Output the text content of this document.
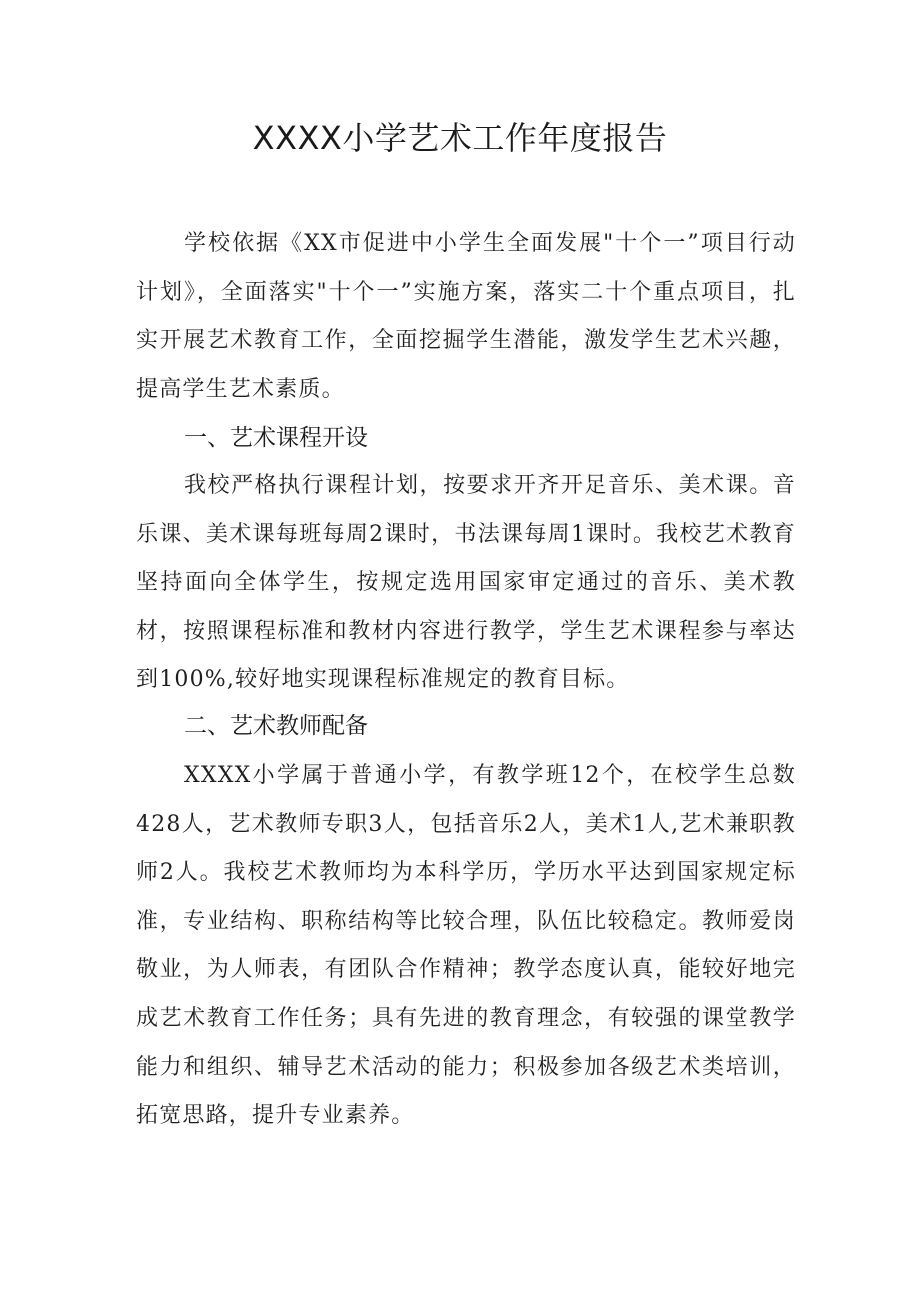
XXXX小学艺术工作年度报告

学校依据《XX市促进中小学生全面发展"十个一”项目行动计划》，全面落实"十个一”实施方案，落实二十个重点项目，扎实开展艺术教育工作，全面挖掘学生潜能，激发学生艺术兴趣，提高学生艺术素质。

一、艺术课程开设

我校严格执行课程计划，按要求开齐开足音乐、美术课。音乐课、美术课每班每周2课时，书法课每周1课时。我校艺术教育坚持面向全体学生，按规定选用国家审定通过的音乐、美术教材，按照课程标准和教材内容进行教学，学生艺术课程参与率达到100%,较好地实现课程标准规定的教育目标。

二、艺术教师配备

XXXX小学属于普通小学，有教学班12个，在校学生总数428人，艺术教师专职3人，包括音乐2人，美术1人,艺术兼职教师2人。我校艺术教师均为本科学历，学历水平达到国家规定标准，专业结构、职称结构等比较合理，队伍比较稳定。教师爱岗敬业，为人师表，有团队合作精神；教学态度认真，能较好地完成艺术教育工作任务；具有先进的教育理念，有较强的课堂教学能力和组织、辅导艺术活动的能力；积极参加各级艺术类培训，拓宽思路，提升专业素养。
